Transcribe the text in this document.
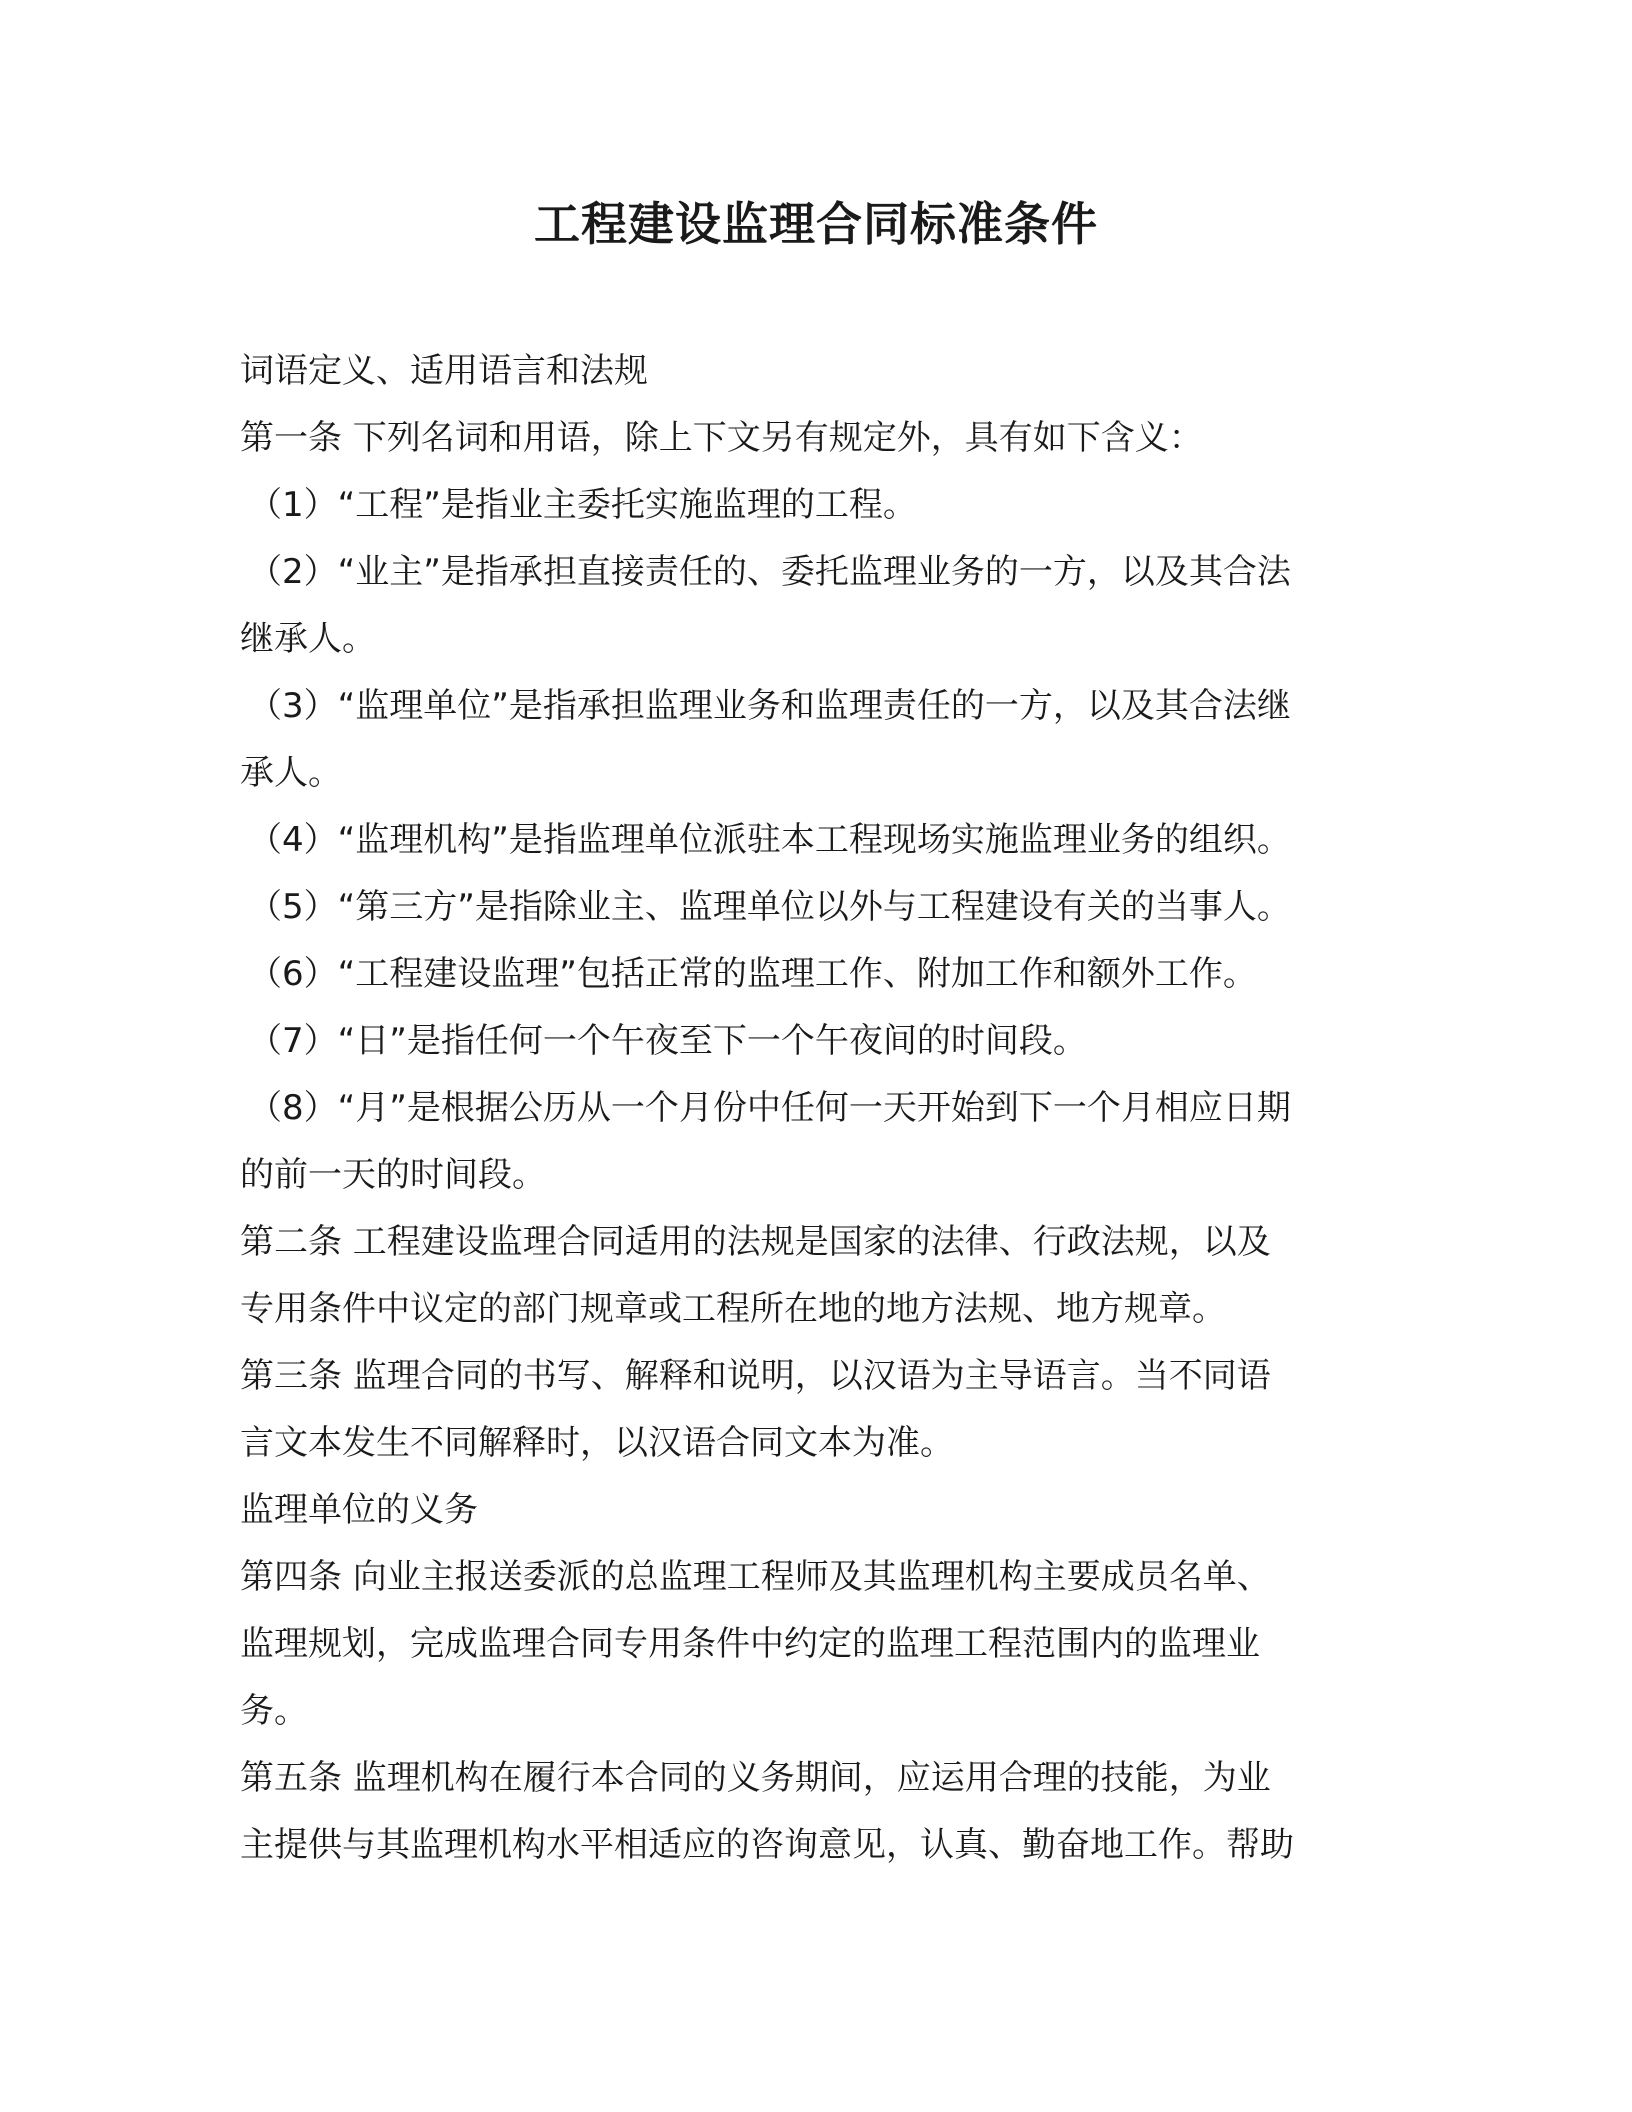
工程建设监理合同标准条件
词语定义、适用语言和法规
第一条 下列名词和用语，除上下文另有规定外，具有如下含义：
（1）“工程”是指业主委托实施监理的工程。
（2）“业主”是指承担直接责任的、委托监理业务的一方，以及其合法
继承人。
（3）“监理单位”是指承担监理业务和监理责任的一方，以及其合法继
承人。
（4）“监理机构”是指监理单位派驻本工程现场实施监理业务的组织。
（5）“第三方”是指除业主、监理单位以外与工程建设有关的当事人。
（6）“工程建设监理”包括正常的监理工作、附加工作和额外工作。
（7）“日”是指任何一个午夜至下一个午夜间的时间段。
（8）“月”是根据公历从一个月份中任何一天开始到下一个月相应日期
的前一天的时间段。
第二条 工程建设监理合同适用的法规是国家的法律、行政法规，以及
专用条件中议定的部门规章或工程所在地的地方法规、地方规章。
第三条 监理合同的书写、解释和说明，以汉语为主导语言。当不同语
言文本发生不同解释时，以汉语合同文本为准。
监理单位的义务
第四条 向业主报送委派的总监理工程师及其监理机构主要成员名单、
监理规划，完成监理合同专用条件中约定的监理工程范围内的监理业
务。
第五条 监理机构在履行本合同的义务期间，应运用合理的技能，为业
主提供与其监理机构水平相适应的咨询意见，认真、勤奋地工作。帮助
